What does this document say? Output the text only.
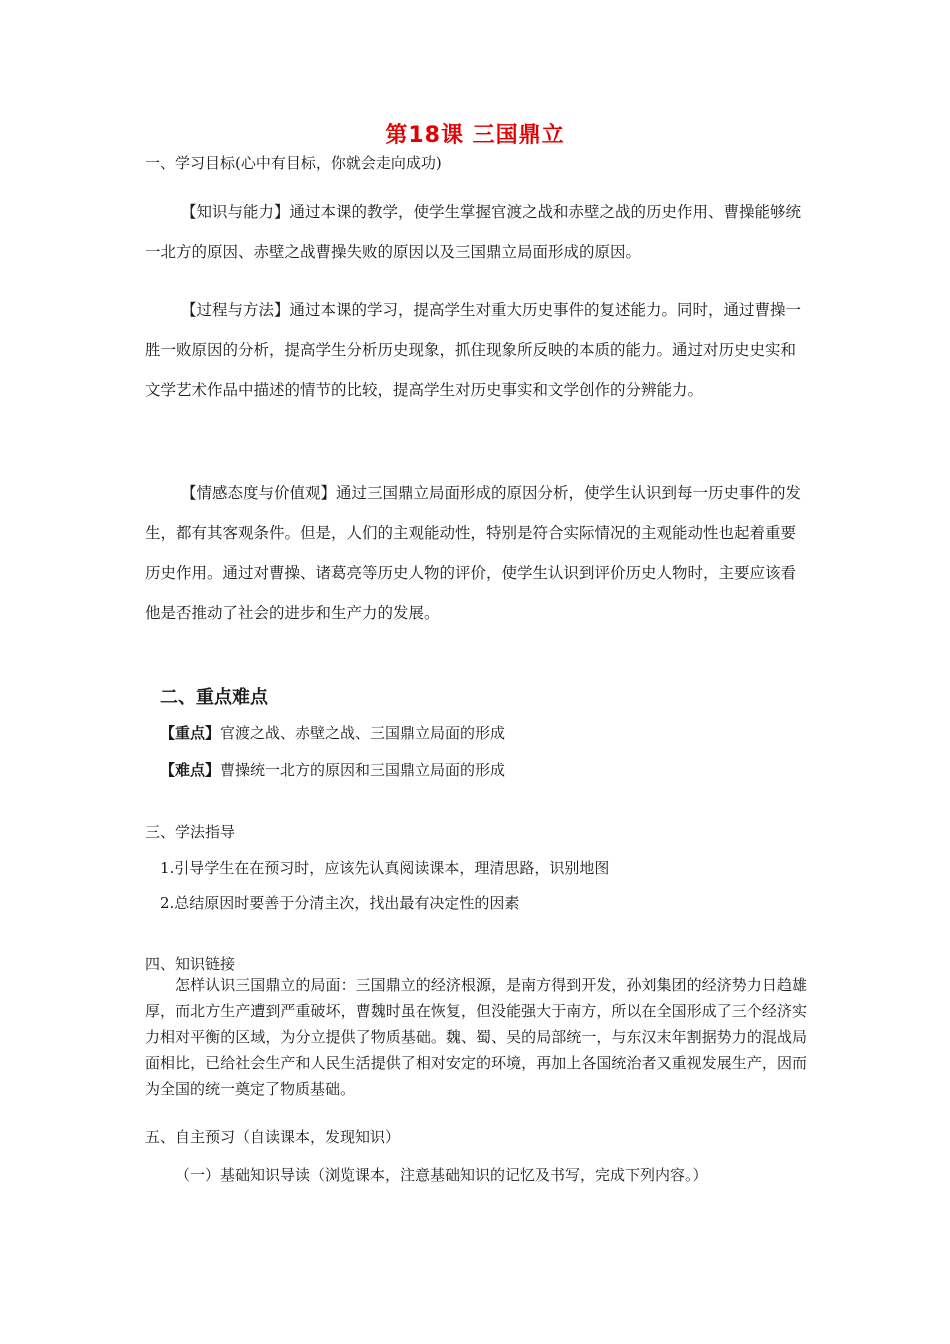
第18课 三国鼎立
一、学习目标(心中有目标，你就会走向成功)

【知识与能力】通过本课的教学，使学生掌握官渡之战和赤壁之战的历史作用、曹操能够统一北方的原因、赤壁之战曹操失败的原因以及三国鼎立局面形成的原因。

【过程与方法】通过本课的学习，提高学生对重大历史事件的复述能力。同时，通过曹操一胜一败原因的分析，提高学生分析历史现象，抓住现象所反映的本质的能力。通过对历史史实和文学艺术作品中描述的情节的比较，提高学生对历史事实和文学创作的分辨能力。

【情感态度与价值观】通过三国鼎立局面形成的原因分析，使学生认识到每一历史事件的发生，都有其客观条件。但是，人们的主观能动性，特别是符合实际情况的主观能动性也起着重要历史作用。通过对曹操、诸葛亮等历史人物的评价，使学生认识到评价历史人物时，主要应该看他是否推动了社会的进步和生产力的发展。

二、重点难点
【重点】官渡之战、赤壁之战、三国鼎立局面的形成
【难点】曹操统一北方的原因和三国鼎立局面的形成
三、学法指导
1.引导学生在在预习时，应该先认真阅读课本，理清思路，识别地图
2.总结原因时要善于分清主次，找出最有决定性的因素
四、知识链接

怎样认识三国鼎立的局面：三国鼎立的经济根源，是南方得到开发，孙刘集团的经济势力日趋雄厚，而北方生产遭到严重破坏，曹魏时虽在恢复，但没能强大于南方，所以在全国形成了三个经济实力相对平衡的区域，为分立提供了物质基础。魏、蜀、吴的局部统一，与东汉末年割据势力的混战局面相比，已给社会生产和人民生活提供了相对安定的环境，再加上各国统治者又重视发展生产，因而为全国的统一奠定了物质基础。

五、自主预习（自读课本，发现知识）
（一）基础知识导读（浏览课本，注意基础知识的记忆及书写，完成下列内容。）
